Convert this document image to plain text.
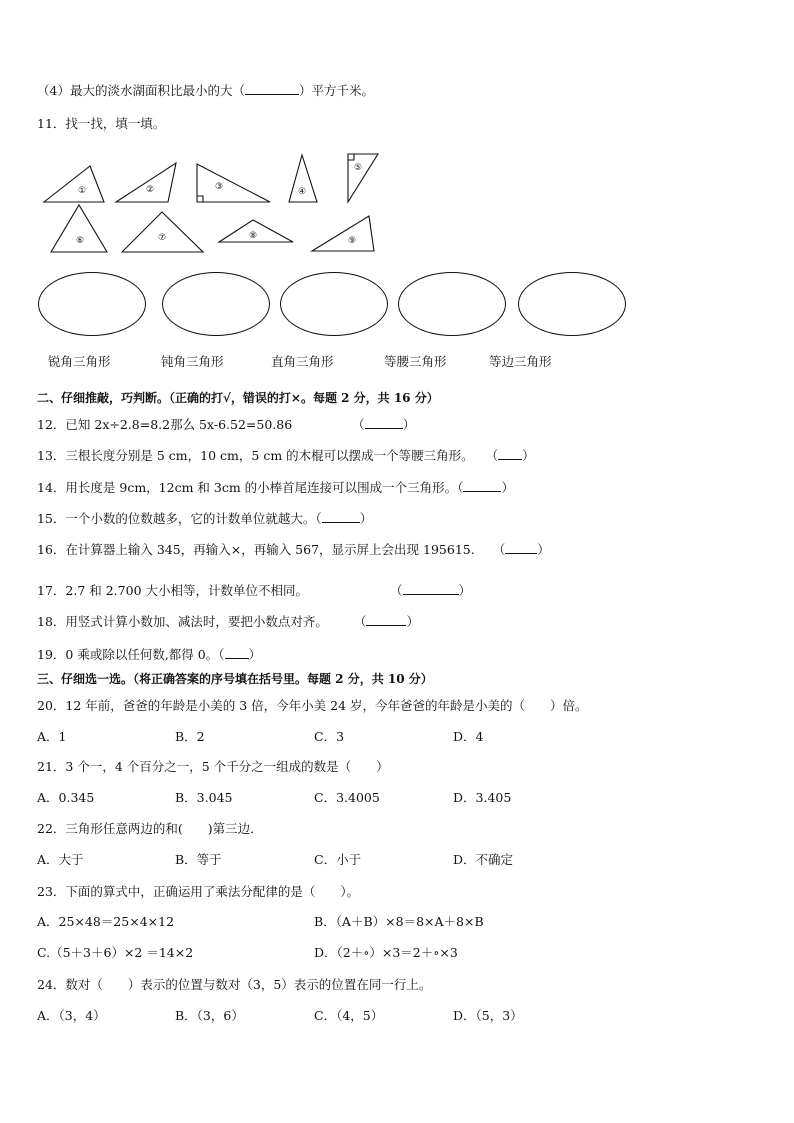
（4）最大的淡水湖面积比最小的大（	）平方千米。
11．找一找，填一填。
①	②	③	④
⑤
⑥	⑦	⑧	⑨
锐角三角形	钝角三角形	直角三角形	等腰三角形	等边三角形
二、仔细推敲，巧判断。（正确的打√，错误的打×。每题 2 分，共 16 分）
12．已知 2x÷2.8=8.2那么 5x-6.52=50.86	（	）
13．三根长度分别是 5 cm，10 cm，5 cm 的木棍可以摆成一个等腰三角形。 （ ）
14．用长度是 9cm，12cm 和 3cm 的小棒首尾连接可以围成一个三角形。（	）
15．一个小数的位数越多，它的计数单位就越大。（	）
16．在计算器上输入 345，再输入×，再输入 567，显示屏上会出现 195615. （	）
17．2.7 和 2.700 大小相等，计数单位不相同。	（	）
18．用竖式计算小数加、减法时，要把小数点对齐。 （	）
19．0 乘或除以任何数,都得 0。（ ）
三、仔细选一选。（将正确答案的序号填在括号里。每题 2 分，共 10 分）
20．12 年前，爸爸的年龄是小美的 3 倍，今年小美 24 岁，今年爸爸的年龄是小美的（　　）倍。
A．1	B．2	C．3	D．4
21．3 个一，4 个百分之一，5 个千分之一组成的数是（　　）
A．0.345	B．3.045	C．3.4005	D．3.405
22．三角形任意两边的和(　　)第三边．
A．大于	B．等于	C．小于	D．不确定
23．下面的算式中，正确运用了乘法分配律的是（　　）。
A．25×48＝25×4×12	B．（A＋B）×8＝8×A＋8×B
C.（5＋3＋6）×2 ＝14×2	D．（2＋∘）×3＝2＋∘×3
24．数对（　　）表示的位置与数对（3，5）表示的位置在同一行上。
A．（3，4）	B．（3，6）	C．（4，5）	D．（5，3）
